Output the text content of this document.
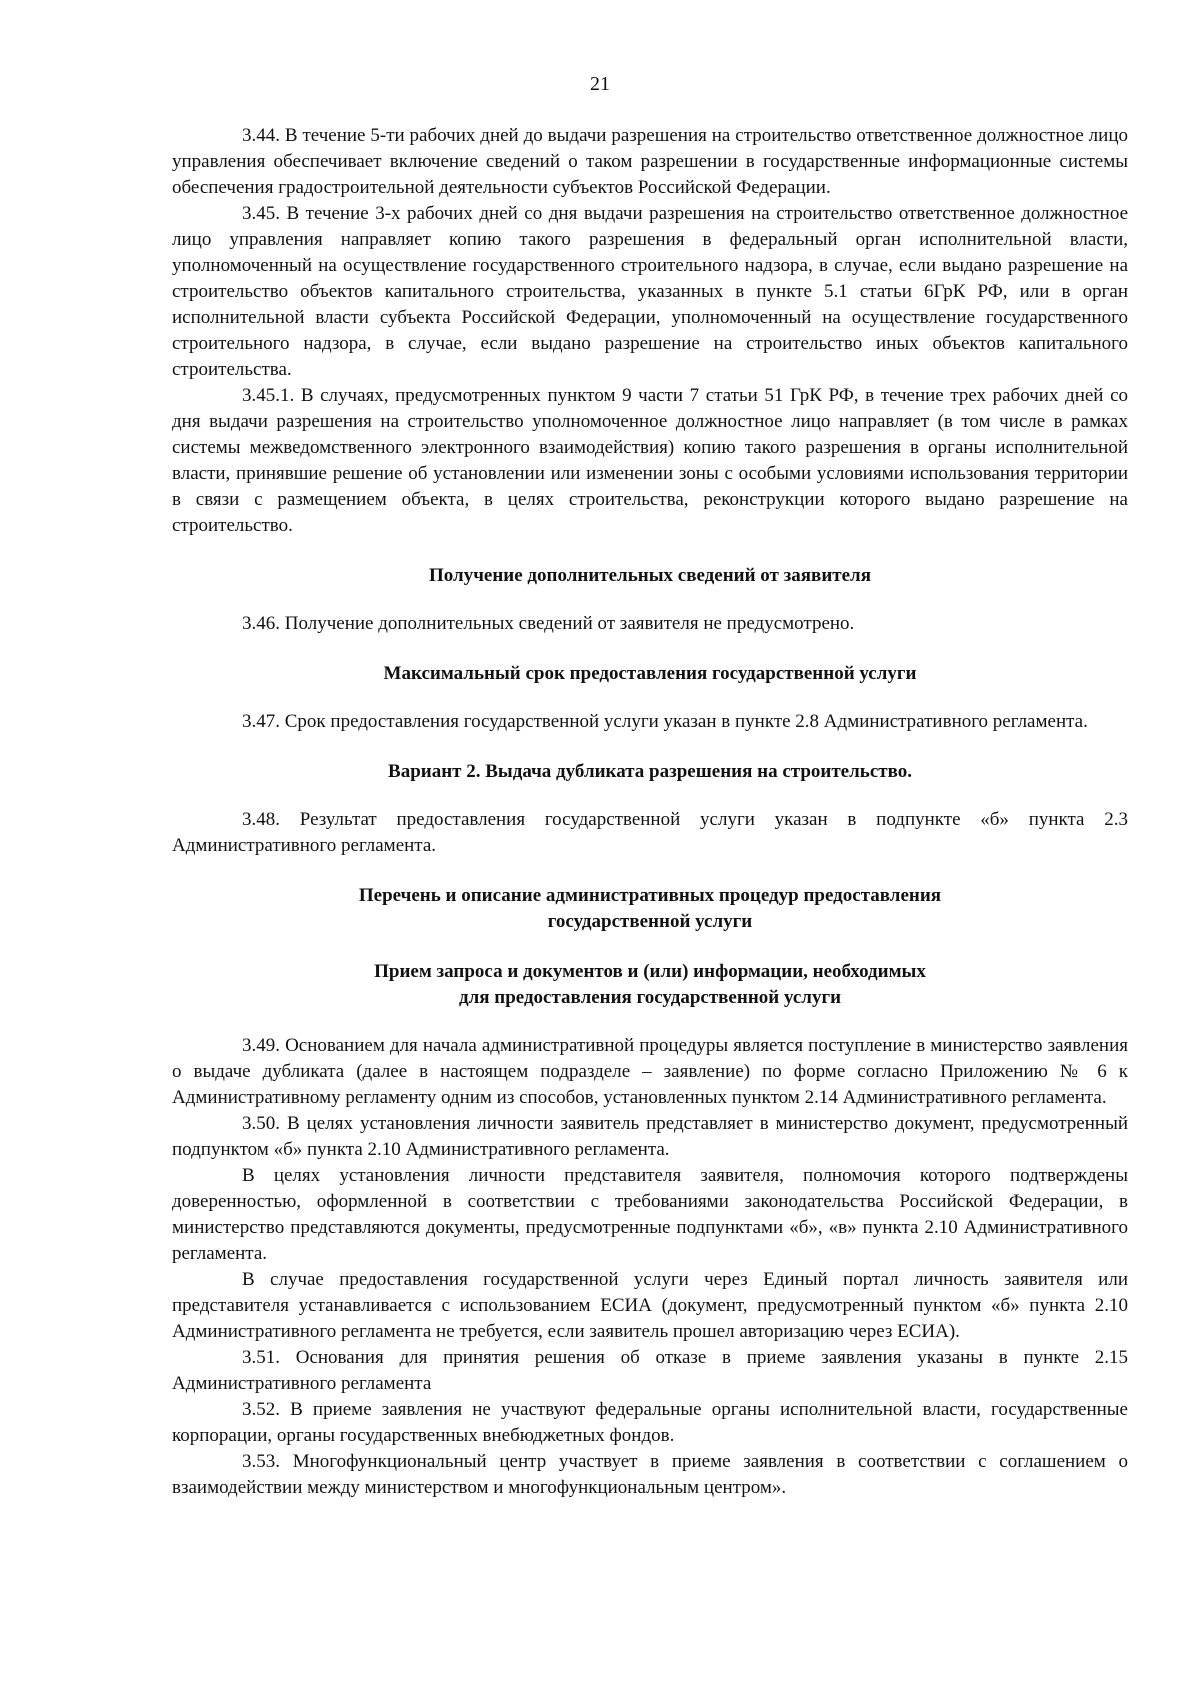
21

3.44. В течение 5-ти рабочих дней до выдачи разрешения на строительство ответственное должностное лицо управления обеспечивает включение сведений о таком разрешении в государственные информационные системы обеспечения градостроительной деятельности субъектов Российской Федерации.

3.45. В течение 3-х рабочих дней со дня выдачи разрешения на строительство ответственное должностное лицо управления направляет копию такого разрешения в федеральный орган исполнительной власти, уполномоченный на осуществление государственного строительного надзора, в случае, если выдано разрешение на строительство объектов капитального строительства, указанных в пункте 5.1 статьи 6ГрК РФ, или в орган исполнительной власти субъекта Российской Федерации, уполномоченный на осуществление государственного строительного надзора, в случае, если выдано разрешение на строительство иных объектов капитального строительства.

3.45.1. В случаях, предусмотренных пунктом 9 части 7 статьи 51 ГрК РФ, в течение трех рабочих дней со дня выдачи разрешения на строительство уполномоченное должностное лицо направляет (в том числе в рамках системы межведомственного электронного взаимодействия) копию такого разрешения в органы исполнительной власти, принявшие решение об установлении или изменении зоны с особыми условиями использования территории в связи с размещением объекта, в целях строительства, реконструкции которого выдано разрешение на строительство.

Получение дополнительных сведений от заявителя

3.46. Получение дополнительных сведений от заявителя не предусмотрено.

Максимальный срок предоставления государственной услуги

3.47. Срок предоставления государственной услуги указан в пункте 2.8 Административного регламента.

Вариант 2. Выдача дубликата разрешения на строительство.

3.48. Результат предоставления государственной услуги указан в подпункте «б» пункта 2.3 Административного регламента.

Перечень и описание административных процедур предоставления

государственной услуги

Прием запроса и документов и (или) информации, необходимых

для предоставления государственной услуги

3.49. Основанием для начала административной процедуры является поступление в министерство заявления о выдаче дубликата (далее в настоящем подразделе – заявление) по форме согласно Приложению № 6 к Административному регламенту одним из способов, установленных пунктом 2.14 Административного регламента.

3.50. В целях установления личности заявитель представляет в министерство документ, предусмотренный подпунктом «б» пункта 2.10 Административного регламента.

В целях установления личности представителя заявителя, полномочия которого подтверждены доверенностью, оформленной в соответствии с требованиями законодательства Российской Федерации, в министерство представляются документы, предусмотренные подпунктами «б», «в» пункта 2.10 Административного регламента.

В случае предоставления государственной услуги через Единый портал личность заявителя или представителя устанавливается с использованием ЕСИА (документ, предусмотренный пунктом «б» пункта 2.10 Административного регламента не требуется, если заявитель прошел авторизацию через ЕСИА).

3.51. Основания для принятия решения об отказе в приеме заявления указаны в пункте 2.15 Административного регламента

3.52. В приеме заявления не участвуют федеральные органы исполнительной власти, государственные корпорации, органы государственных внебюджетных фондов.

3.53. Многофункциональный центр участвует в приеме заявления в соответствии с соглашением о взаимодействии между министерством и многофункциональным центром».
